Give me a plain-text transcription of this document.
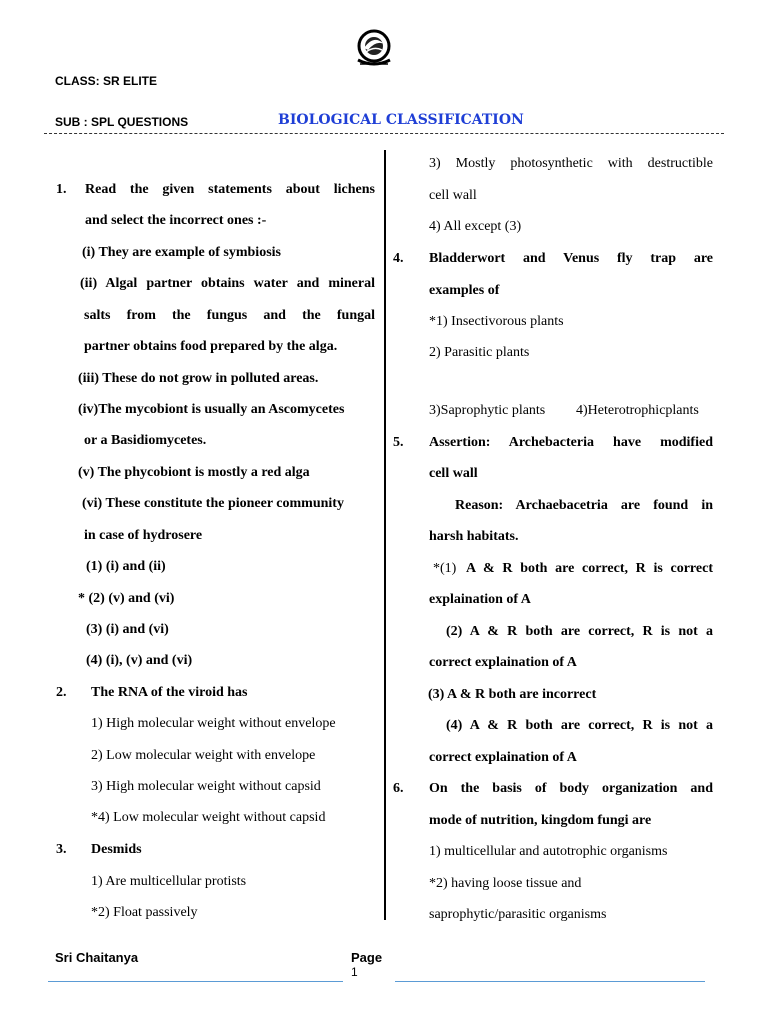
CLASS: SR ELITE
SUB : SPL QUESTIONS	BIOLOGICAL CLASSIFICATION
1. Read the given statements about lichens
and select the incorrect ones :-
(i) They are example of symbiosis
(ii) Algal partner obtains water and mineral
salts from the fungus and the fungal
partner obtains food prepared by the alga.
(iii) These do not grow in polluted areas.
(iv)The mycobiont is usually an Ascomycetes
or a Basidiomycetes.
(v) The phycobiont is mostly a red alga
(vi) These constitute the pioneer community
in case of hydrosere
(1) (i) and (ii)
* (2) (v) and (vi)
(3) (i) and (vi)
(4) (i), (v) and (vi)
2. The RNA of the viroid has
1) High molecular weight without envelope
2) Low molecular weight with envelope
3) High molecular weight without capsid
*4) Low molecular weight without capsid
3. Desmids
1) Are multicellular protists
*2) Float passively
3) Mostly photosynthetic with destructible
cell wall
4) All except (3)
4. Bladderwort and Venus fly trap are
examples of
*1) Insectivorous plants
2) Parasitic plants
3)Saprophytic plants 4)Heterotrophicplants
5. Assertion: Archebacteria have modified
cell wall
Reason: Archaebacetria are found in
harsh habitats.
*(1) A & R both are correct, R is correct
explaination of A
(2) A & R both are correct, R is not a
correct explaination of A
(3) A & R both are incorrect
(4) A & R both are correct, R is not a
correct explaination of A
6. On the basis of body organization and
mode of nutrition, kingdom fungi are
1) multicellular and autotrophic organisms
*2) having loose tissue and
saprophytic/parasitic organisms
Sri Chaitanya	Page
1
